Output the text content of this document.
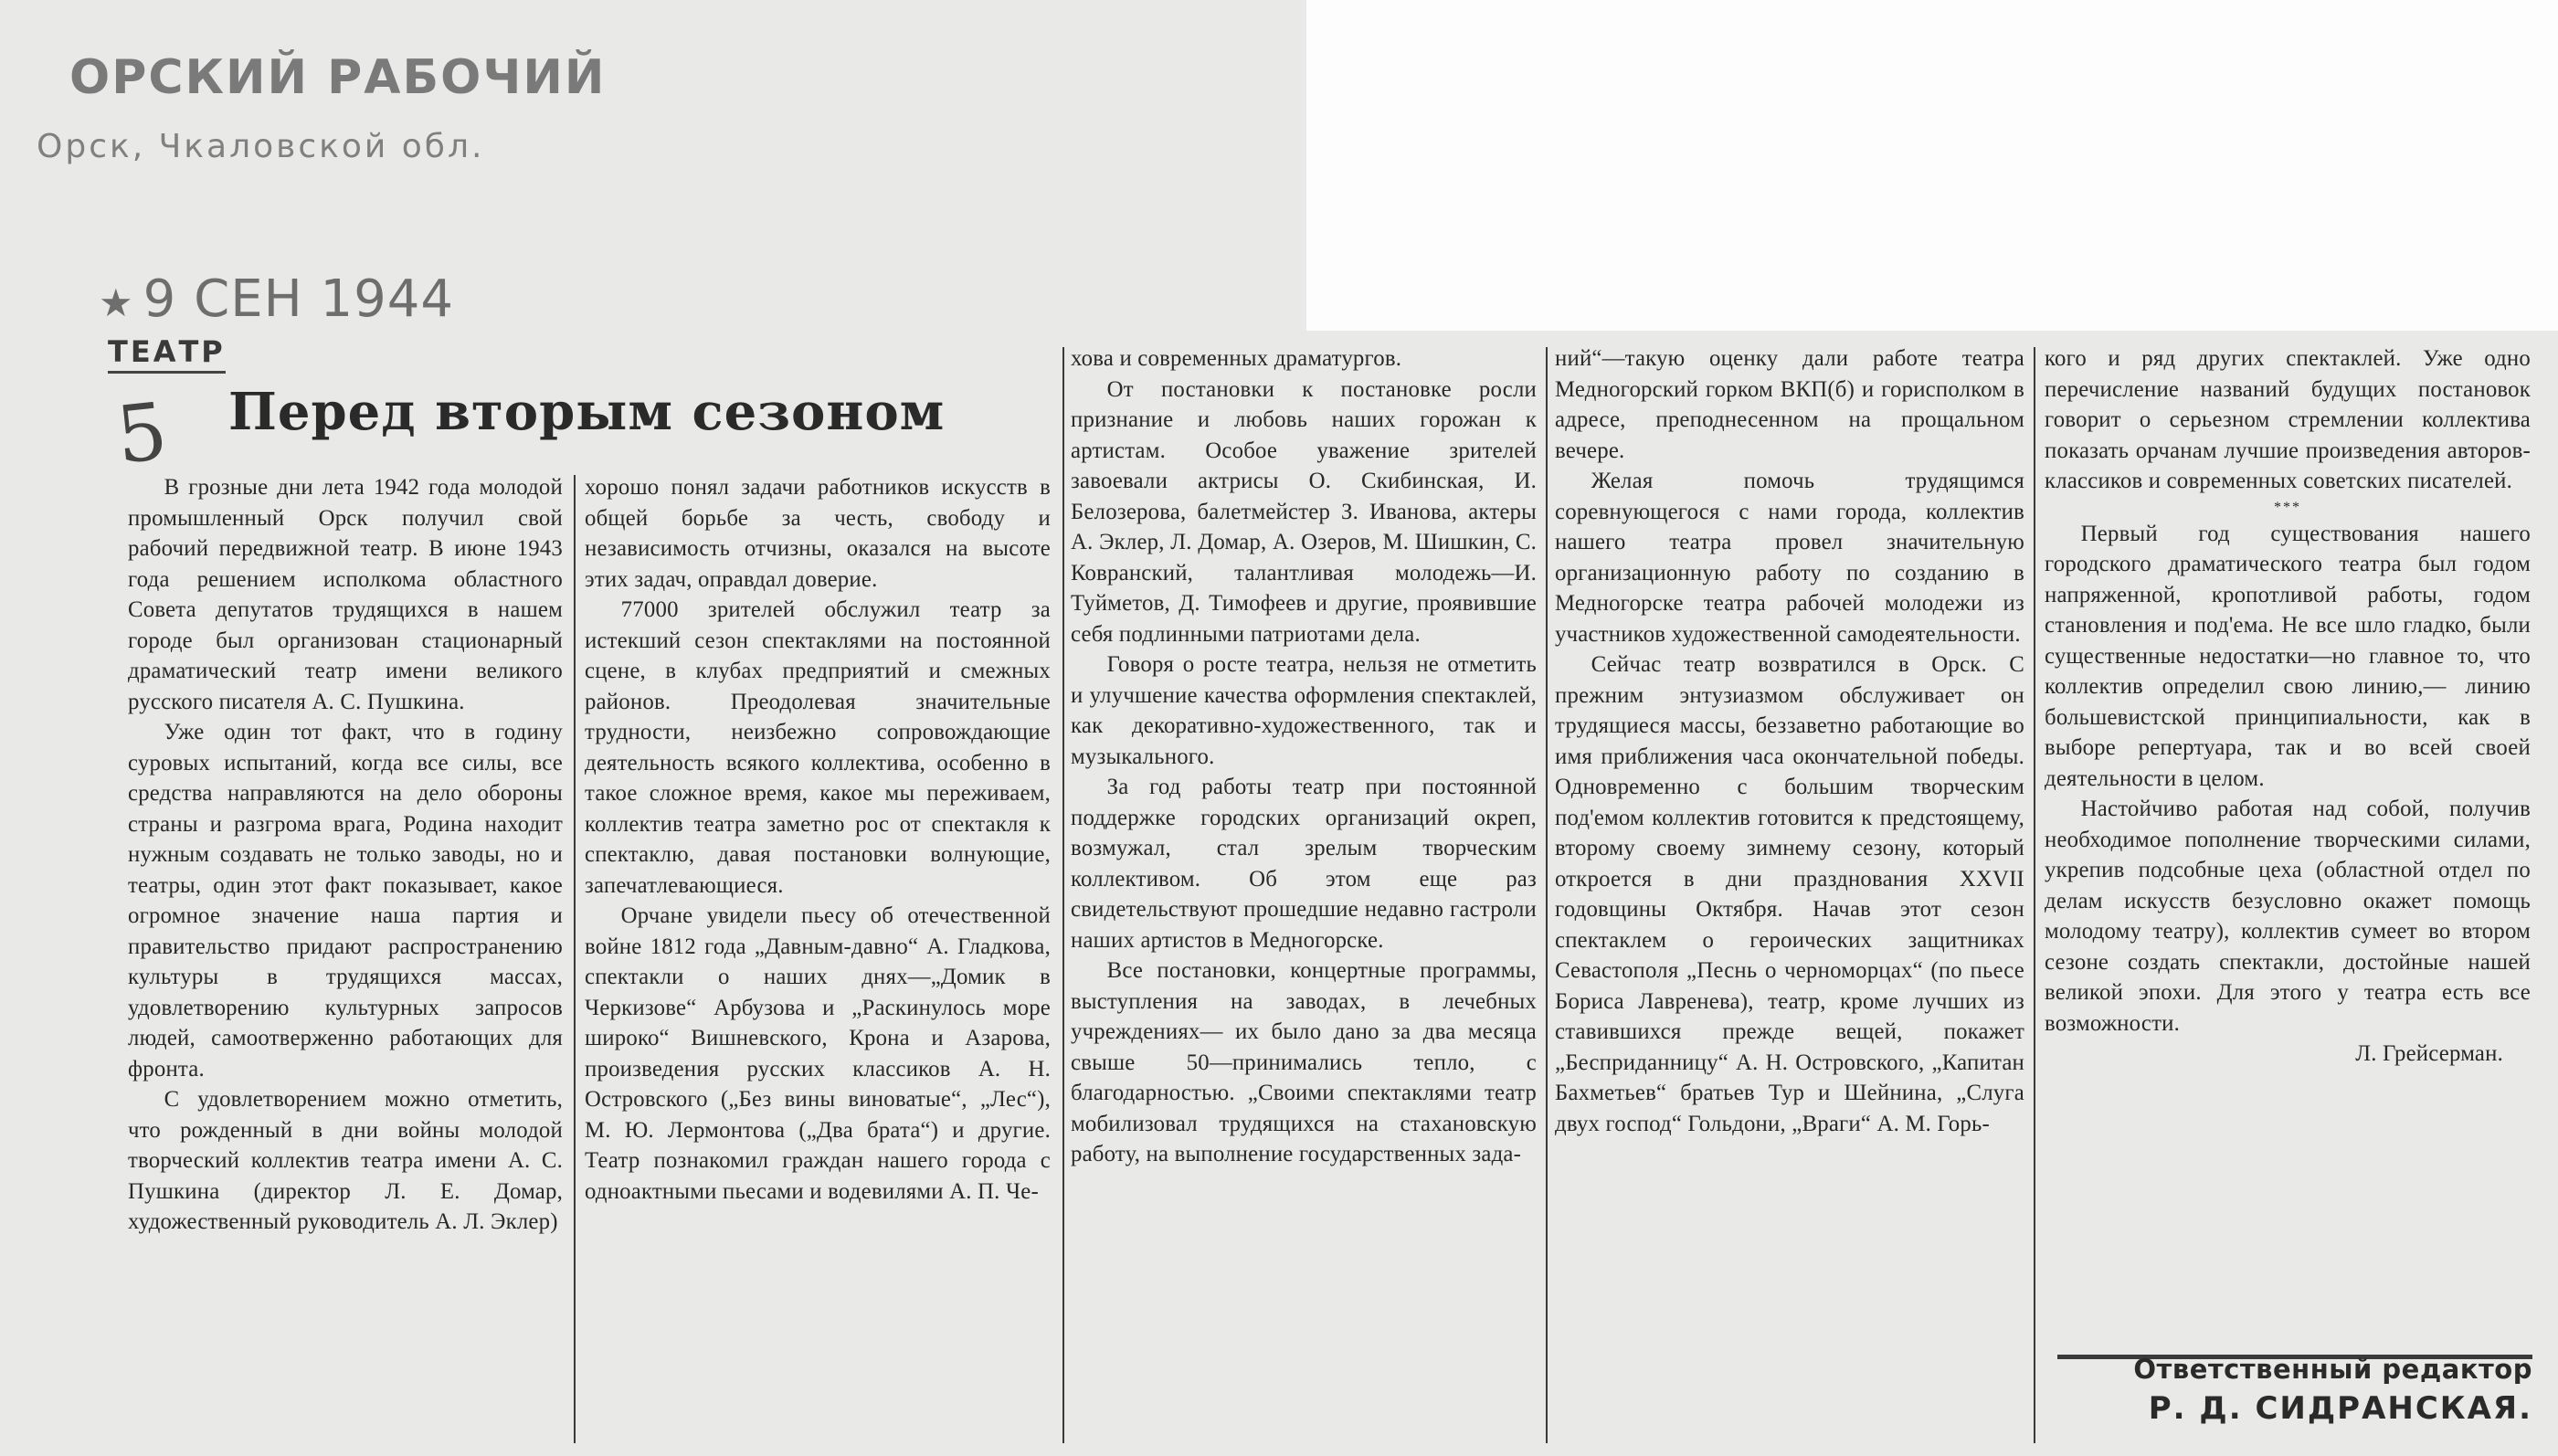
ОРСКИЙ РАБОЧИЙ
Орск, Чкаловской обл.
★ 9 СЕН 1944
ТЕАТР
5 Перед вторым сезоном

В грозные дни лета 1942 года молодой промышленный Орск получил свой рабочий передвижной театр. В июне 1943 года решением исполкома областного Совета депутатов трудящихся в нашем городе был организован стационарный драматический театр имени великого русского писателя А. С. Пушкина.

Уже один тот факт, что в годину суровых испытаний, когда все силы, все средства направляются на дело обороны страны и разгрома врага, Родина находит нужным создавать не только заводы, но и театры, один этот факт показывает, какое огромное значение наша партия и правительство придают распространению культуры в трудящихся массах, удовлетворению культурных запросов людей, самоотверженно работающих для фронта.

С удовлетворением можно отметить, что рожденный в дни войны молодой творческий коллектив театра имени А. С. Пушкина (директор Л. Е. Домар, художественный руководитель А. Л. Эклер)

хорошо понял задачи работников искусств в общей борьбе за честь, свободу и независимость отчизны, оказался на высоте этих задач, оправдал доверие.

77000 зрителей обслужил театр за истекший сезон спектаклями на постоянной сцене, в клубах предприятий и смежных районов. Преодолевая значительные трудности, неизбежно сопровождающие деятельность всякого коллектива, особенно в такое сложное время, какое мы переживаем, коллектив театра заметно рос от спектакля к спектаклю, давая постановки волнующие, запечатлевающиеся.

Орчане увидели пьесу об отечественной войне 1812 года „Давным-давно“ А. Гладкова, спектакли о наших днях—„Домик в Черкизове“ Арбузова и „Раскинулось море широко“ Вишневского, Крона и Азарова, произведения русских классиков А. Н. Островского („Без вины виноватые“, „Лес“), М. Ю. Лермонтова („Два брата“) и другие. Театр познакомил граждан нашего города с одноактными пьесами и водевилями А. П. Че-

хова и современных драматургов.

От постановки к постановке росли признание и любовь наших горожан к артистам. Особое уважение зрителей завоевали актрисы О. Скибинская, И. Белозерова, балетмейстер З. Иванова, актеры А. Эклер, Л. Домар, А. Озеров, М. Шишкин, С. Ковранский, талантливая молодежь—И. Туйметов, Д. Тимофеев и другие, проявившие себя подлинными патриотами дела.

Говоря о росте театра, нельзя не отметить и улучшение качества оформления спектаклей, как декоративно-художественного, так и музыкального.

За год работы театр при постоянной поддержке городских организаций окреп, возмужал, стал зрелым творческим коллективом. Об этом еще раз свидетельствуют прошедшие недавно гастроли наших артистов в Медногорске.

Все постановки, концертные программы, выступления на заводах, в лечебных учреждениях— их было дано за два месяца свыше 50—принимались тепло, с благодарностью. „Своими спектаклями театр мобилизовал трудящихся на стахановскую работу, на выполнение государственных зада-

ний“—такую оценку дали работе театра Медногорский горком ВКП(б) и горисполком в адресе, преподнесенном на прощальном вечере.

Желая помочь трудящимся соревнующегося с нами города, коллектив нашего театра провел значительную организационную работу по созданию в Медногорске театра рабочей молодежи из участников художественной самодеятельности.

Сейчас театр возвратился в Орск. С прежним энтузиазмом обслуживает он трудящиеся массы, беззаветно работающие во имя приближения часа окончательной победы. Одновременно с большим творческим под'емом коллектив готовится к предстоящему, второму своему зимнему сезону, который откроется в дни празднования XXVII годовщины Октября. Начав этот сезон спектаклем о героических защитниках Севастополя „Песнь о черноморцах“ (по пьесе Бориса Лавренева), театр, кроме лучших из ставившихся прежде вещей, покажет „Бесприданницу“ А. Н. Островского, „Капитан Бахметьев“ братьев Тур и Шейнина, „Слуга двух господ“ Гольдони, „Враги“ А. М. Горь-

кого и ряд других спектаклей. Уже одно перечисление названий будущих постановок говорит о серьезном стремлении коллектива показать орчанам лучшие произведения авторов-классиков и современных советских писателей.

***

Первый год существования нашего городского драматического театра был годом напряженной, кропотливой работы, годом становления и под'ема. Не все шло гладко, были существенные недостатки—но главное то, что коллектив определил свою линию,— линию большевистской принципиальности, как в выборе репертуара, так и во всей своей деятельности в целом.

Настойчиво работая над собой, получив необходимое пополнение творческими силами, укрепив подсобные цеха (областной отдел по делам искусств безусловно окажет помощь молодому театру), коллектив сумеет во втором сезоне создать спектакли, достойные нашей великой эпохи. Для этого у театра есть все возможности.

Л. Грейсерман.

Ответственный редактор
Р. Д. СИДРАНСКАЯ.
